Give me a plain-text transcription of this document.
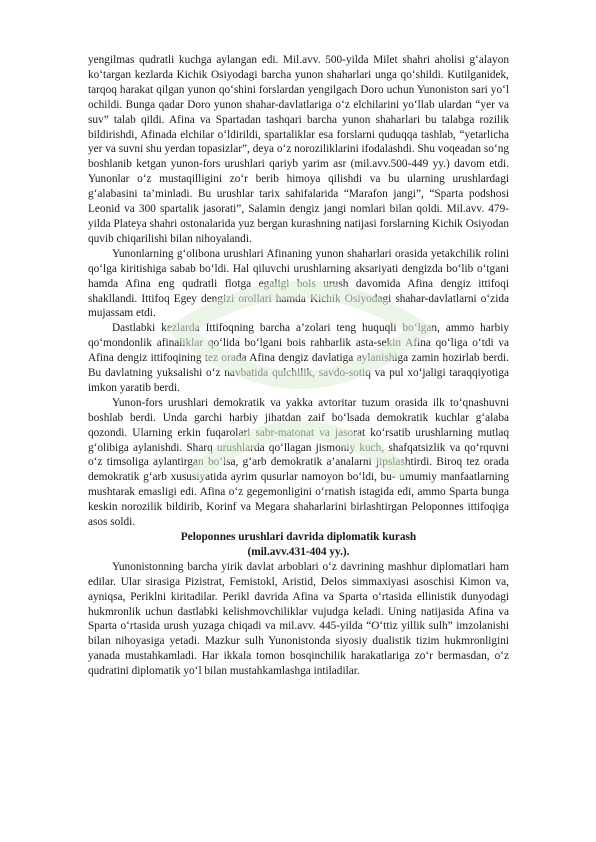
yengilmas qudratli kuchga aylangan edi. Mil.avv. 500-yilda Milet shahri aholisi g‘alayon ko‘targan kezlarda Kichik Osiyodagi barcha yunon shaharlari unga qo‘shildi. Kutilganidek, tarqoq harakat qilgan yunon qo‘shini forslardan yengilgach Doro uchun Yunoniston sari yo‘l ochildi. Bunga qadar Doro yunon shahar-davlatlariga o‘z elchilarini yo‘llab ulardan “yer va suv” talab qildi. Afina va Spartadan tashqari barcha yunon shaharlari bu talabga rozilik bildirishdi, Afinada elchilar o‘ldirildi, spartaliklar esa forslarni quduqqa tashlab, “yetarlicha yer va suvni shu yerdan topasizlar”, deya o‘z noroziliklarini ifodalashdi. Shu voqeadan so‘ng boshlanib ketgan yunon-fors urushlari qariyb yarim asr (mil.avv.500-449 yy.) davom etdi. Yunonlar o‘z mustaqilligini zo‘r berib himoya qilishdi va bu ularning urushlardagi g‘alabasini ta’minladi. Bu urushlar tarix sahifalarida “Marafon jangi”, “Sparta podshosi Leonid va 300 spartalik jasorati”, Salamin dengiz jangi nomlari bilan qoldi. Mil.avv. 479-yilda Plateya shahri ostonalarida yuz bergan kurashning natijasi forslarning Kichik Osiyodan quvib chiqarilishi bilan nihoyalandi.

Yunonlarning g‘olibona urushlari Afinaning yunon shaharlari orasida yetakchilik rolini qo‘lga kiritishiga sabab bo‘ldi. Hal qiluvchi urushlarning aksariyati dengizda bo‘lib o‘tgani hamda Afina eng qudratli flotga egaligi bois urush davomida Afina dengiz ittifoqi shakllandi. Ittifoq Egey dengizi orollari hamda Kichik Osiyodagi shahar-davlatlarni o‘zida mujassam etdi.

Dastlabki kezlarda Ittifoqning barcha a’zolari teng huquqli bo‘lgan, ammo harbiy qo‘mondonlik afinaliklar qo‘lida bo‘lgani bois rahbarlik asta-sekin Afina qo‘liga o‘tdi va Afina dengiz ittifoqining tez orada Afina dengiz davlatiga aylanishiga zamin hozirlab berdi. Bu davlatning yuksalishi o‘z navbatida qulchilik, savdo-sotiq va pul xo‘jaligi taraqqiyotiga imkon yaratib berdi.

Yunon-fors urushlari demokratik va yakka avtoritar tuzum orasida ilk to‘qnashuvni boshlab berdi. Unda garchi harbiy jihatdan zaif bo‘lsada demokratik kuchlar g‘alaba qozondi. Ularning erkin fuqarolari sabr-matonat va jasorat ko‘rsatib urushlarning mutlaq g‘olibiga aylanishdi. Sharq urushlarda qo‘llagan jismoniy kuch, shafqatsizlik va qo‘rquvni o‘z timsoliga aylantirgan bo‘lsa, g‘arb demokratik a’analarni jipslashtirdi. Biroq tez orada demokratik g‘arb xususiyatida ayrim qusurlar namoyon bo‘ldi, bu- umumiy manfaatlarning mushtarak emasligi edi. Afina o‘z gegemonligini o‘rnatish istagida edi, ammo Sparta bunga keskin norozilik bildirib, Korinf va Megara shaharlarini birlashtirgan Peloponnes ittifoqiga asos soldi.

Peloponnes urushlari davrida diplomatik kurash
(mil.avv.431-404 yy.).

Yunonistonning barcha yirik davlat arboblari o‘z davrining mashhur diplomatlari ham edilar. Ular sirasiga Pizistrat, Femistokl, Aristid, Delos simmaxiyasi asoschisi Kimon va, ayniqsa, Periklni kiritadilar. Perikl davrida Afina va Sparta o‘rtasida ellinistik dunyodagi hukmronlik uchun dastlabki kelishmovchiliklar vujudga keladi. Uning natijasida Afina va Sparta o‘rtasida urush yuzaga chiqadi va mil.avv. 445-yilda “O‘ttiz yillik sulh” imzolanishi bilan nihoyasiga yetadi. Mazkur sulh Yunonistonda siyosiy dualistik tizim hukmronligini yanada mustahkamladi. Har ikkala tomon bosqinchilik harakatlariga zo‘r bermasdan, o‘z qudratini diplomatik yo‘l bilan mustahkamlashga intiladilar.
